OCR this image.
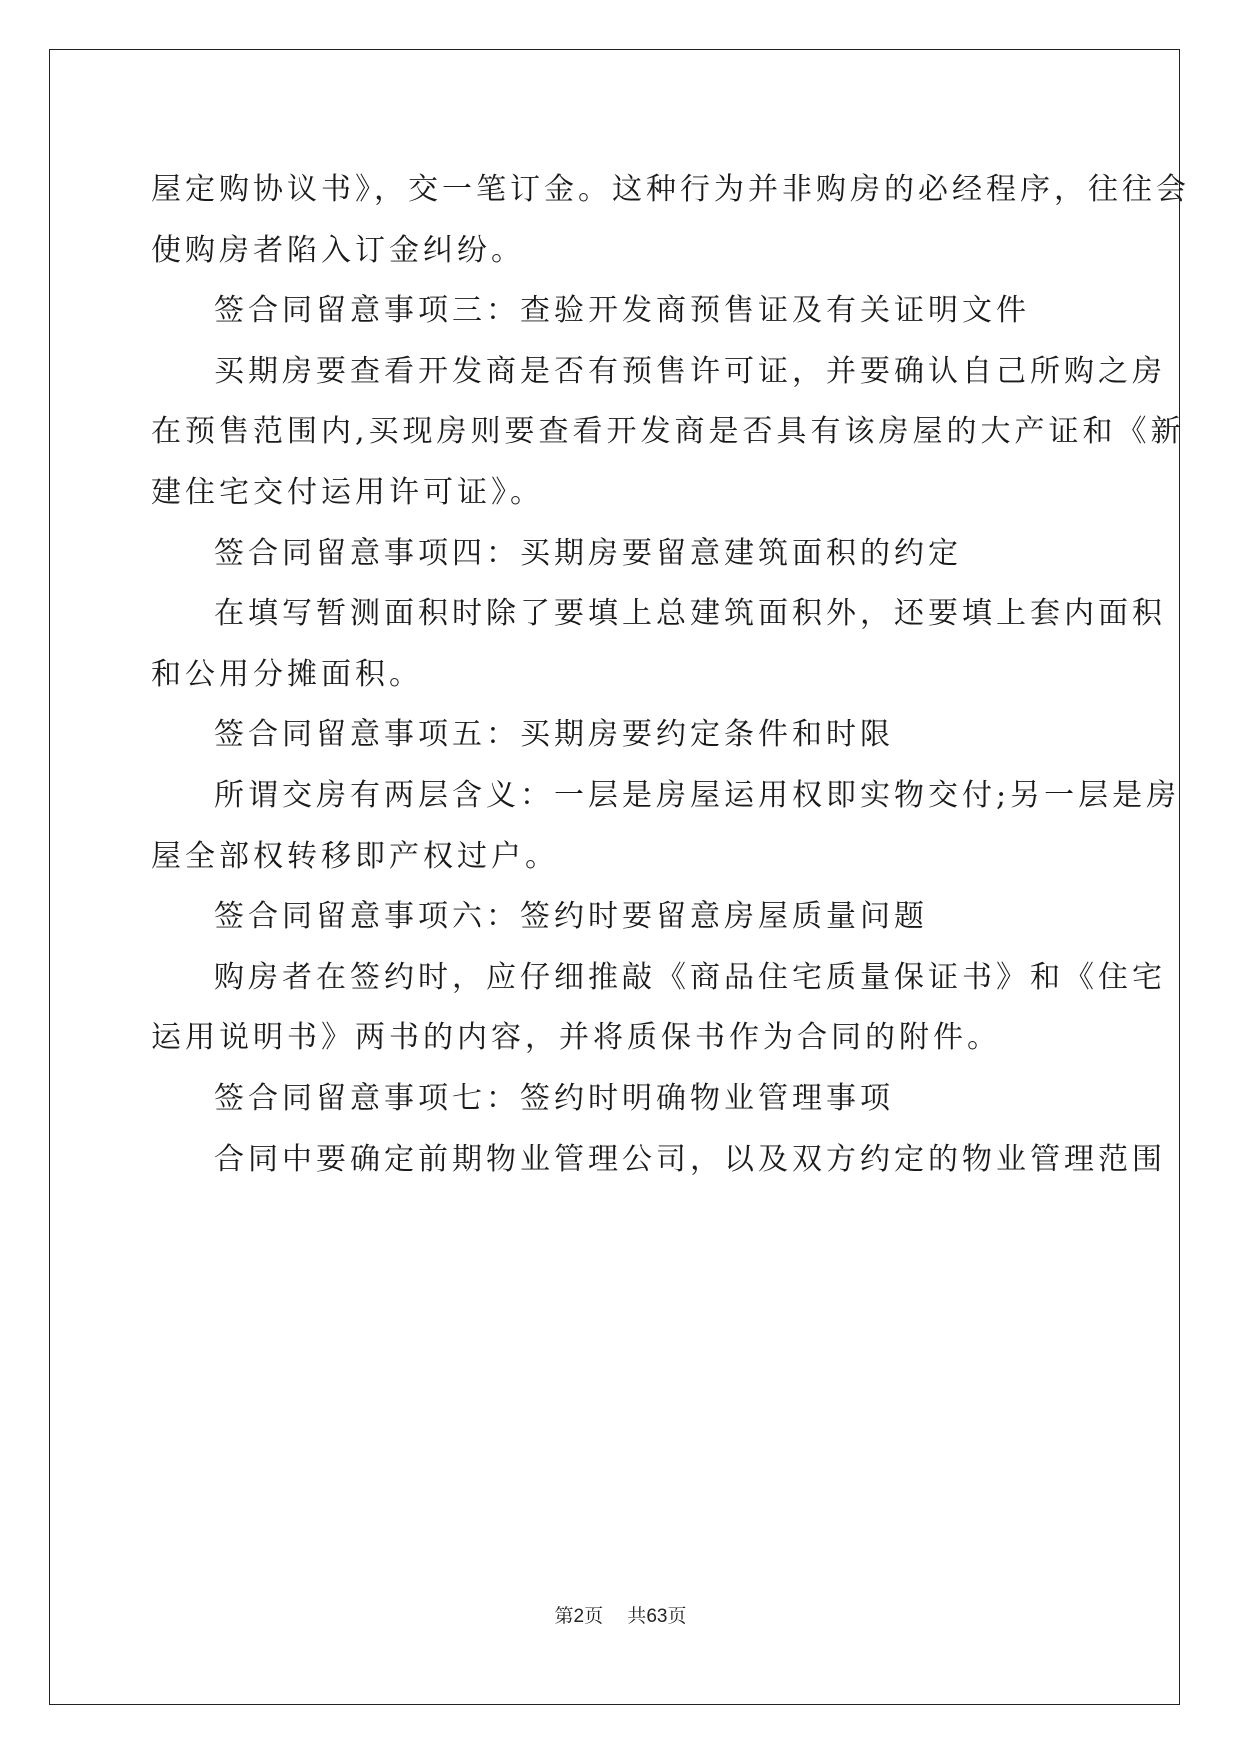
屋定购协议书》，交一笔订金。这种行为并非购房的必经程序，往往会
使购房者陷入订金纠纷。
签合同留意事项三：查验开发商预售证及有关证明文件
买期房要查看开发商是否有预售许可证，并要确认自己所购之房
在预售范围内,买现房则要查看开发商是否具有该房屋的大产证和《新
建住宅交付运用许可证》。
签合同留意事项四：买期房要留意建筑面积的约定
在填写暂测面积时除了要填上总建筑面积外，还要填上套内面积
和公用分摊面积。
签合同留意事项五：买期房要约定条件和时限
所谓交房有两层含义：一层是房屋运用权即实物交付;另一层是房
屋全部权转移即产权过户。
签合同留意事项六：签约时要留意房屋质量问题
购房者在签约时，应仔细推敲《商品住宅质量保证书》和《住宅
运用说明书》两书的内容，并将质保书作为合同的附件。
签合同留意事项七：签约时明确物业管理事项
合同中要确定前期物业管理公司，以及双方约定的物业管理范围
第2页 共63页
